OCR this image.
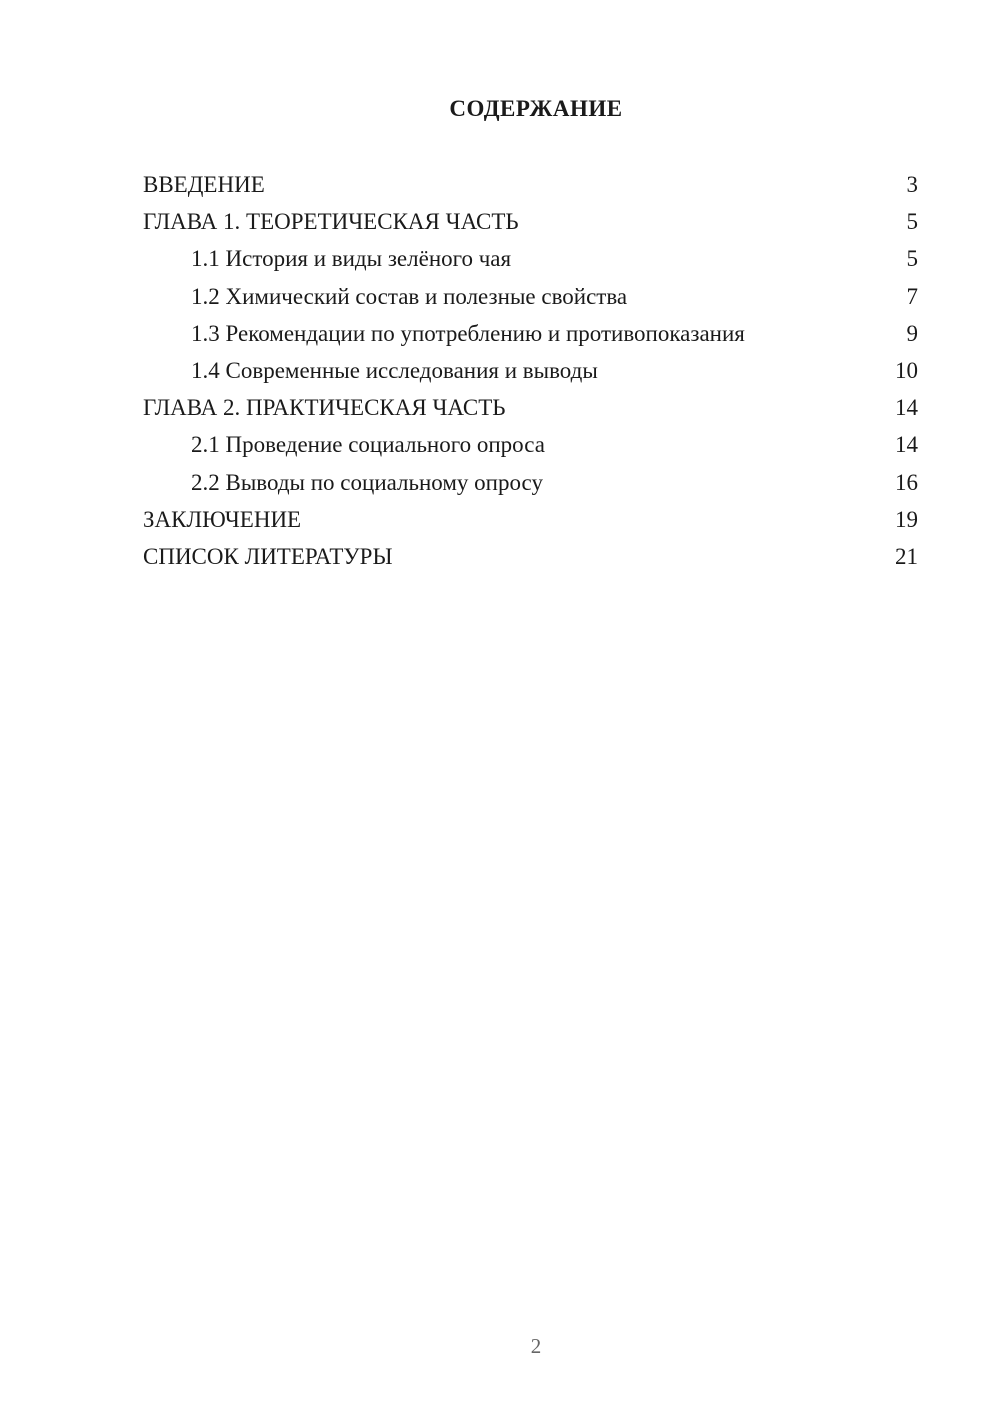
СОДЕРЖАНИЕ
ВВЕДЕНИЕ	3
ГЛАВА 1. ТЕОРЕТИЧЕСКАЯ ЧАСТЬ	5
1.1 История и виды зелёного чая	5
1.2 Химический состав и полезные свойства	7
1.3 Рекомендации по употреблению и противопоказания	9
1.4 Современные исследования и выводы	10
ГЛАВА 2. ПРАКТИЧЕСКАЯ ЧАСТЬ	14
2.1 Проведение социального опроса	14
2.2 Выводы по социальному опросу	16
ЗАКЛЮЧЕНИЕ	19
СПИСОК ЛИТЕРАТУРЫ	21
2
